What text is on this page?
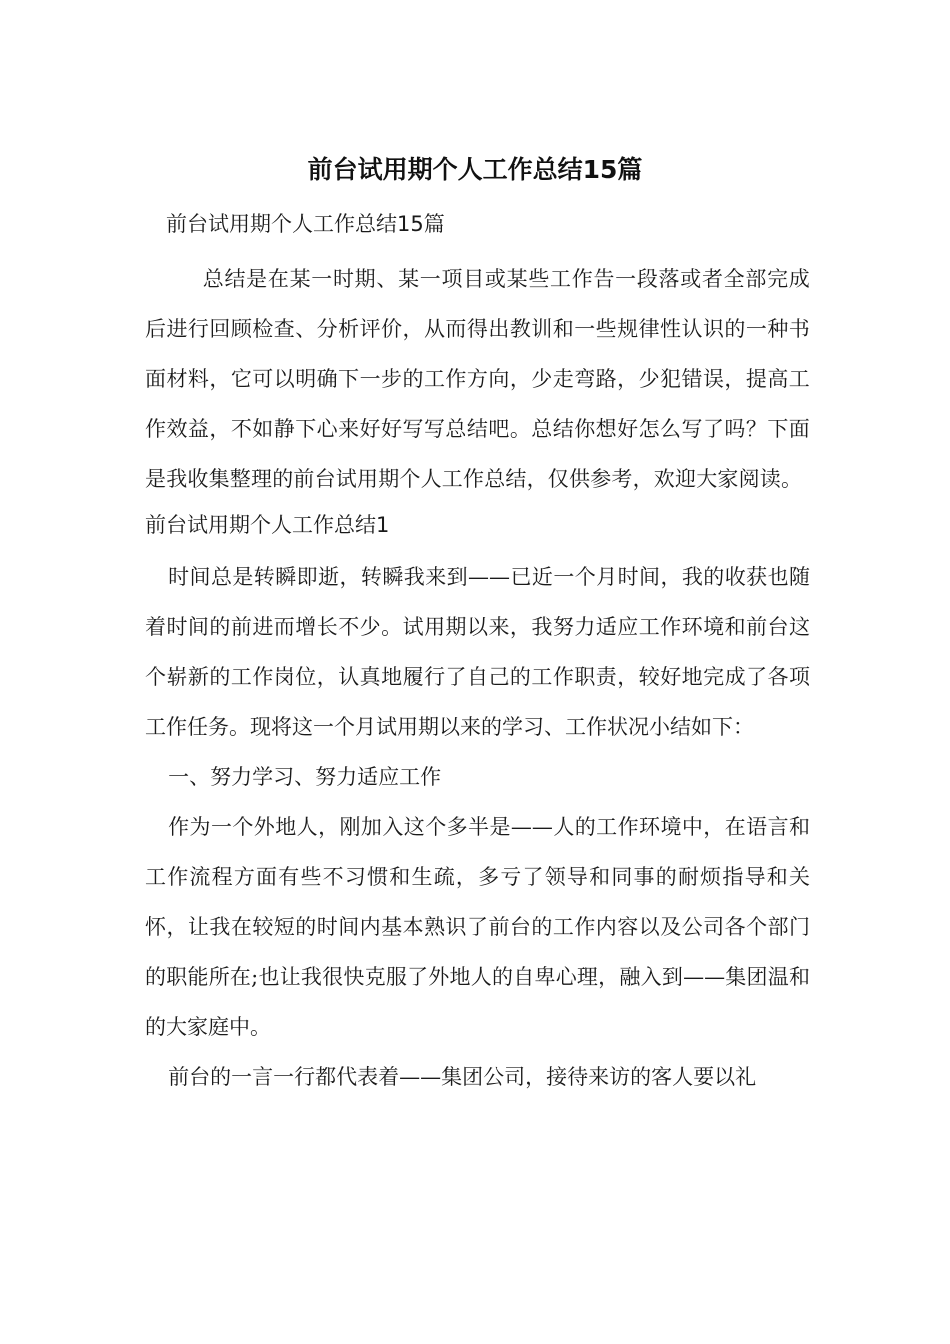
前台试用期个人工作总结15篇

前台试用期个人工作总结15篇

总结是在某一时期、某一项目或某些工作告一段落或者全部完成后进行回顾检查、分析评价，从而得出教训和一些规律性认识的一种书面材料，它可以明确下一步的工作方向，少走弯路，少犯错误，提高工作效益，不如静下心来好好写写总结吧。总结你想好怎么写了吗？下面是我收集整理的前台试用期个人工作总结，仅供参考，欢迎大家阅读。

前台试用期个人工作总结1

时间总是转瞬即逝，转瞬我来到——已近一个月时间，我的收获也随着时间的前进而增长不少。试用期以来，我努力适应工作环境和前台这个崭新的工作岗位，认真地履行了自己的工作职责，较好地完成了各项工作任务。现将这一个月试用期以来的学习、工作状况小结如下：

一、努力学习、努力适应工作

作为一个外地人，刚加入这个多半是——人的工作环境中，在语言和工作流程方面有些不习惯和生疏，多亏了领导和同事的耐烦指导和关怀，让我在较短的时间内基本熟识了前台的工作内容以及公司各个部门的职能所在;也让我很快克服了外地人的自卑心理，融入到——集团温和的大家庭中。

前台的一言一行都代表着——集团公司，接待来访的客人要以礼
